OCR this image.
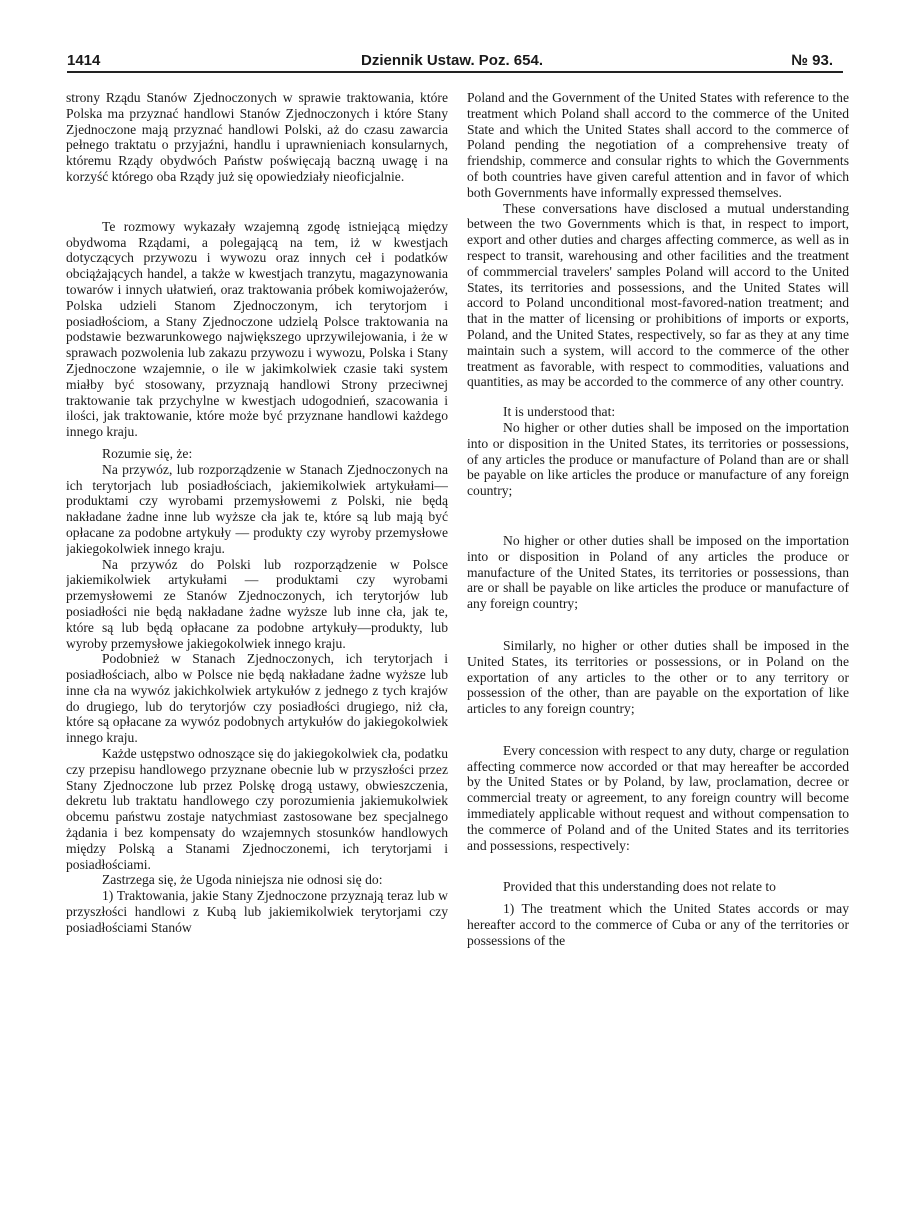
1414	Dziennik Ustaw. Poz. 654.	№ 93.

strony Rządu Stanów Zjednoczonych w sprawie traktowania, które Polska ma przyznać handlowi Stanów Zjednoczonych i które Stany Zjednoczone mają przyznać handlowi Polski, aż do czasu zawarcia pełnego traktatu o przyjaźni, handlu i uprawnieniach konsularnych, któremu Rządy obydwóch Państw poświęcają baczną uwagę i na korzyść którego oba Rządy już się opowiedziały nieoficjalnie.

Te rozmowy wykazały wzajemną zgodę istniejącą między obydwoma Rządami, a polegającą na tem, iż w kwestjach dotyczących przywozu i wywozu oraz innych ceł i podatków obciążających handel, a także w kwestjach tranzytu, magazynowania towarów i innych ułatwień, oraz traktowania próbek komiwojażerów, Polska udzieli Stanom Zjednoczonym, ich terytorjom i posiadłościom, a Stany Zjednoczone udzielą Polsce traktowania na podstawie bezwarunkowego największego uprzywilejowania, i że w sprawach pozwolenia lub zakazu przywozu i wywozu, Polska i Stany Zjednoczone wzajemnie, o ile w jakimkolwiek czasie taki system miałby być stosowany, przyznają handlowi Strony przeciwnej traktowanie tak przychylne w kwestjach udogodnień, szacowania i ilości, jak traktowanie, które może być przyznane handlowi każdego innego kraju.

Rozumie się, że:

Na przywóz, lub rozporządzenie w Stanach Zjednoczonych na ich terytorjach lub posiadłościach, jakiemikolwiek artykułami—produktami czy wyrobami przemysłowemi z Polski, nie będą nakładane żadne inne lub wyższe cła jak te, które są lub mają być opłacane za podobne artykuły — produkty czy wyroby przemysłowe jakiegokolwiek innego kraju.

Na przywóz do Polski lub rozporządzenie w Polsce jakiemikolwiek artykułami — produktami czy wyrobami przemysłowemi ze Stanów Zjednoczonych, ich terytorjów lub posiadłości nie będą nakładane żadne wyższe lub inne cła, jak te, które są lub będą opłacane za podobne artykuły—produkty, lub wyroby przemysłowe jakiegokolwiek innego kraju.

Podobnież w Stanach Zjednoczonych, ich terytorjach i posiadłościach, albo w Polsce nie będą nakładane żadne wyższe lub inne cła na wywóz jakichkolwiek artykułów z jednego z tych krajów do drugiego, lub do terytorjów czy posiadłości drugiego, niż cła, które są opłacane za wywóz podobnych artykułów do jakiegokolwiek innego kraju.

Każde ustępstwo odnoszące się do jakiegokolwiek cła, podatku czy przepisu handlowego przyznane obecnie lub w przyszłości przez Stany Zjednoczone lub przez Polskę drogą ustawy, obwieszczenia, dekretu lub traktatu handlowego czy porozumienia jakiemukolwiek obcemu państwu zostaje natychmiast zastosowane bez specjalnego żądania i bez kompensaty do wzajemnych stosunków handlowych między Polską a Stanami Zjednoczonemi, ich terytorjami i posiadłościami.

Zastrzega się, że Ugoda niniejsza nie odnosi się do:

1) Traktowania, jakie Stany Zjednoczone przyznają teraz lub w przyszłości handlowi z Kubą lub jakiemikolwiek terytorjami czy posiadłościami Stanów

Poland and the Government of the United States with reference to the treatment which Poland shall accord to the commerce of the United State and which the United States shall accord to the commerce of Poland pending the negotiation of a comprehensive treaty of friendship, commerce and consular rights to which the Governments of both countries have given careful attention and in favor of which both Governments have informally expressed themselves.

These conversations have disclosed a mutual understanding between the two Governments which is that, in respect to import, export and other duties and charges affecting commerce, as well as in respect to transit, warehousing and other facilities and the treatment of commmercial travelers' samples Poland will accord to the United States, its territories and possessions, and the United States will accord to Poland unconditional most-favored-nation treatment; and that in the matter of licensing or prohibitions of imports or exports, Poland, and the United States, respectively, so far as they at any time maintain such a system, will accord to the commerce of the other treatment as favorable, with respect to commodities, valuations and quantities, as may be accorded to the commerce of any other country.

It is understood that:

No higher or other duties shall be imposed on the importation into or disposition in the United States, its territories or possessions, of any articles the produce or manufacture of Poland than are or shall be payable on like articles the produce or manufacture of any foreign country;

No higher or other duties shall be imposed on the importation into or disposition in Poland of any articles the produce or manufacture of the United States, its territories or possessions, than are or shall be payable on like articles the produce or manufacture of any foreign country;

Similarly, no higher or other duties shall be imposed in the United States, its territories or possessions, or in Poland on the exportation of any articles to the other or to any territory or possession of the other, than are payable on the exportation of like articles to any foreign country;

Every concession with respect to any duty, charge or regulation affecting commerce now accorded or that may hereafter be accorded by the United States or by Poland, by law, proclamation, decree or commercial treaty or agreement, to any foreign country will become immediately applicable without request and without compensation to the commerce of Poland and of the United States and its territories and possessions, respectively:

Provided that this understanding does not relate to

1) The treatment which the United States accords or may hereafter accord to the commerce of Cuba or any of the territories or possessions of the
